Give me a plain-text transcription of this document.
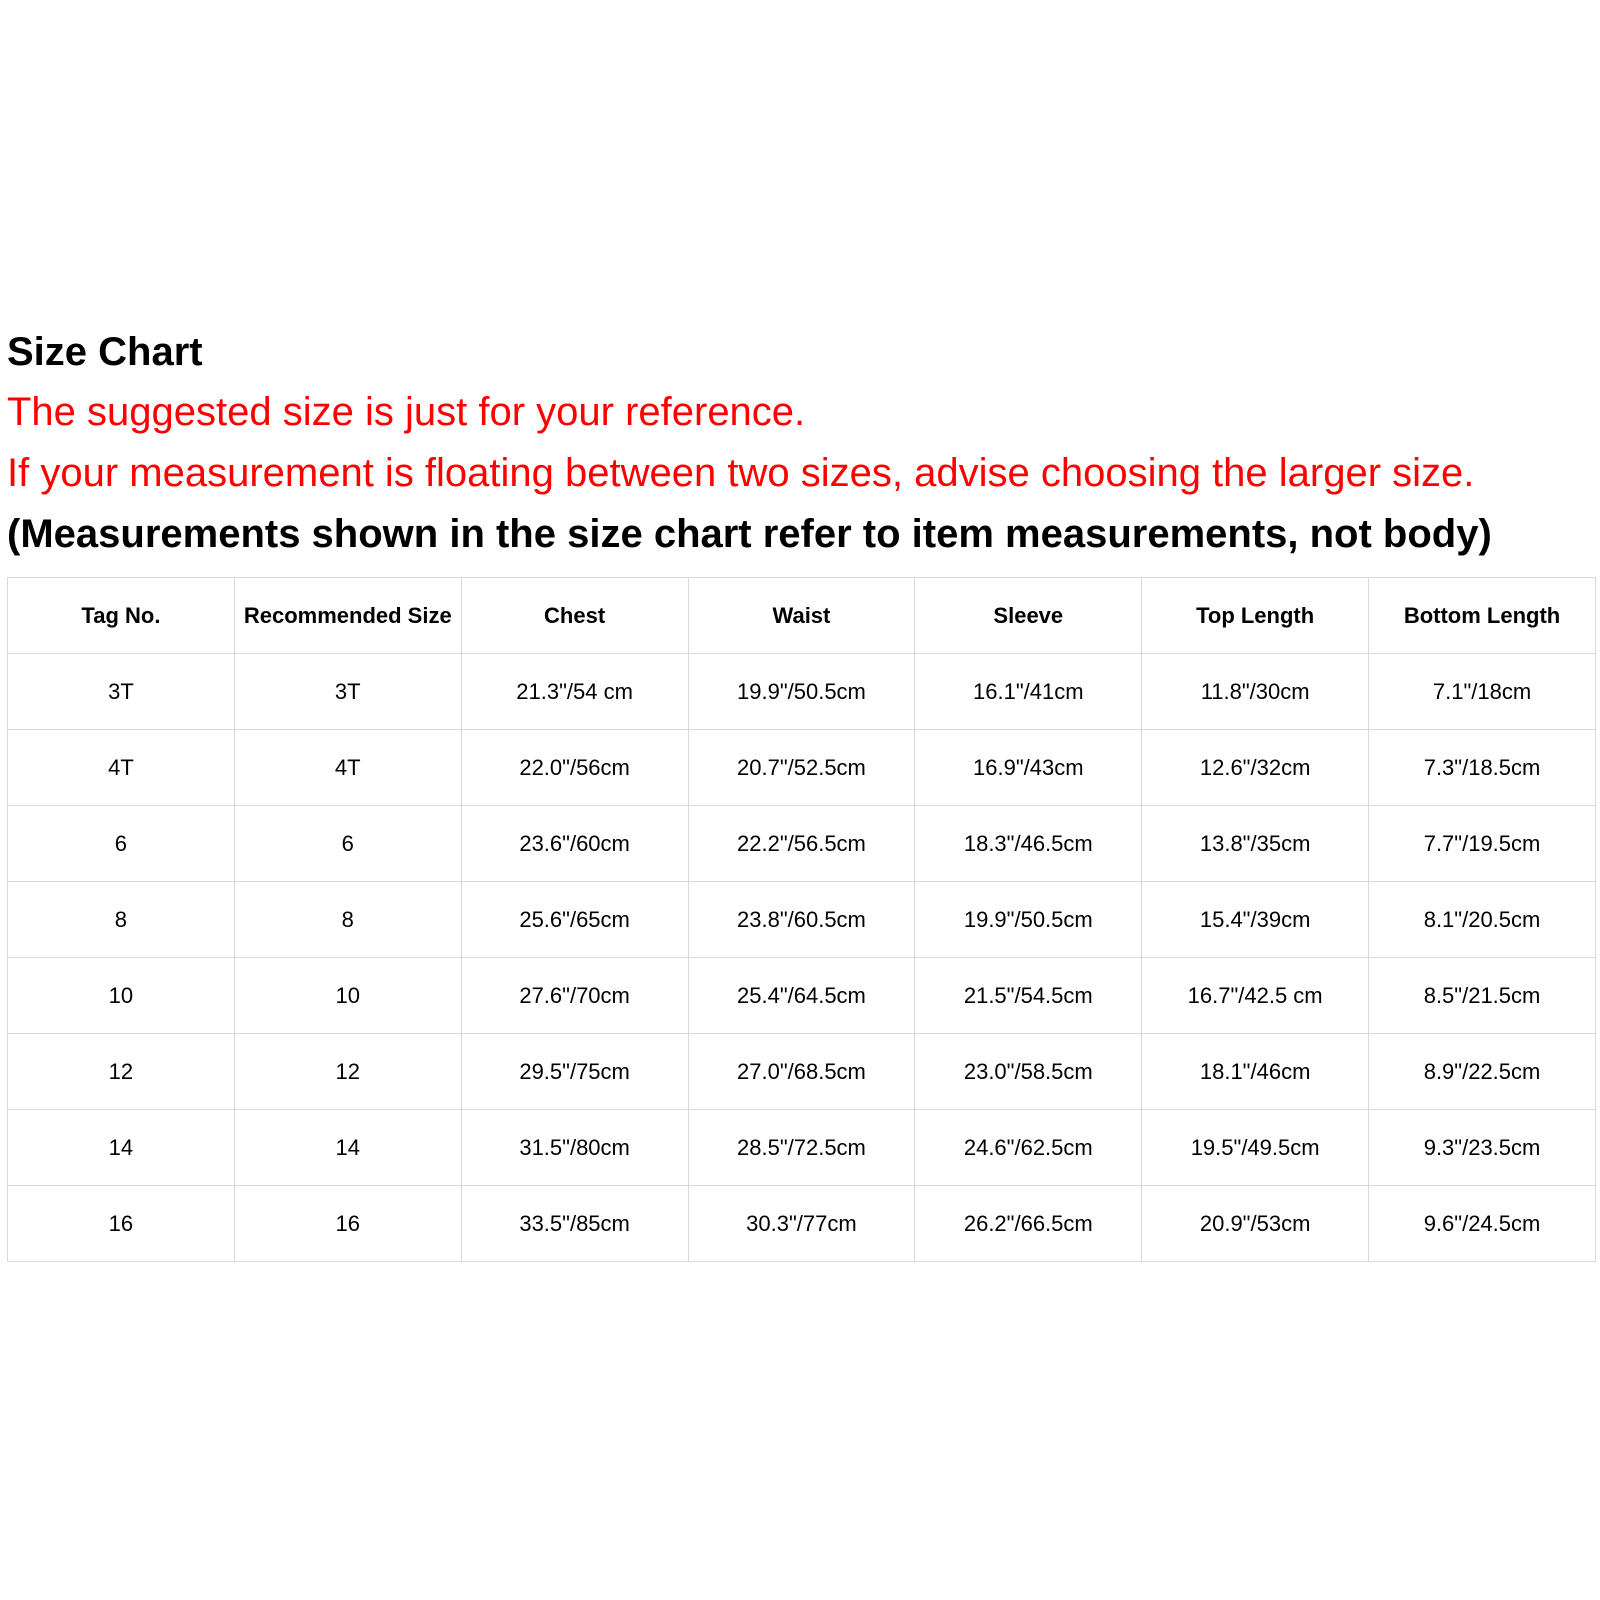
Size Chart

The suggested size is just for your reference.

If your measurement is floating between two sizes, advise choosing the larger size.

(Measurements shown in the size chart refer to item measurements, not body)

Tag No.	Recommended Size	Chest	Waist	Sleeve	Top Length	Bottom Length
3T	3T	21.3"/54 cm	19.9"/50.5cm	16.1"/41cm	11.8"/30cm	7.1"/18cm
4T	4T	22.0"/56cm	20.7"/52.5cm	16.9"/43cm	12.6"/32cm	7.3"/18.5cm
6	6	23.6"/60cm	22.2"/56.5cm	18.3"/46.5cm	13.8"/35cm	7.7"/19.5cm
8	8	25.6"/65cm	23.8"/60.5cm	19.9"/50.5cm	15.4"/39cm	8.1"/20.5cm
10	10	27.6"/70cm	25.4"/64.5cm	21.5"/54.5cm	16.7"/42.5 cm	8.5"/21.5cm
12	12	29.5"/75cm	27.0"/68.5cm	23.0"/58.5cm	18.1"/46cm	8.9"/22.5cm
14	14	31.5"/80cm	28.5"/72.5cm	24.6"/62.5cm	19.5"/49.5cm	9.3"/23.5cm
16	16	33.5"/85cm	30.3"/77cm	26.2"/66.5cm	20.9"/53cm	9.6"/24.5cm
